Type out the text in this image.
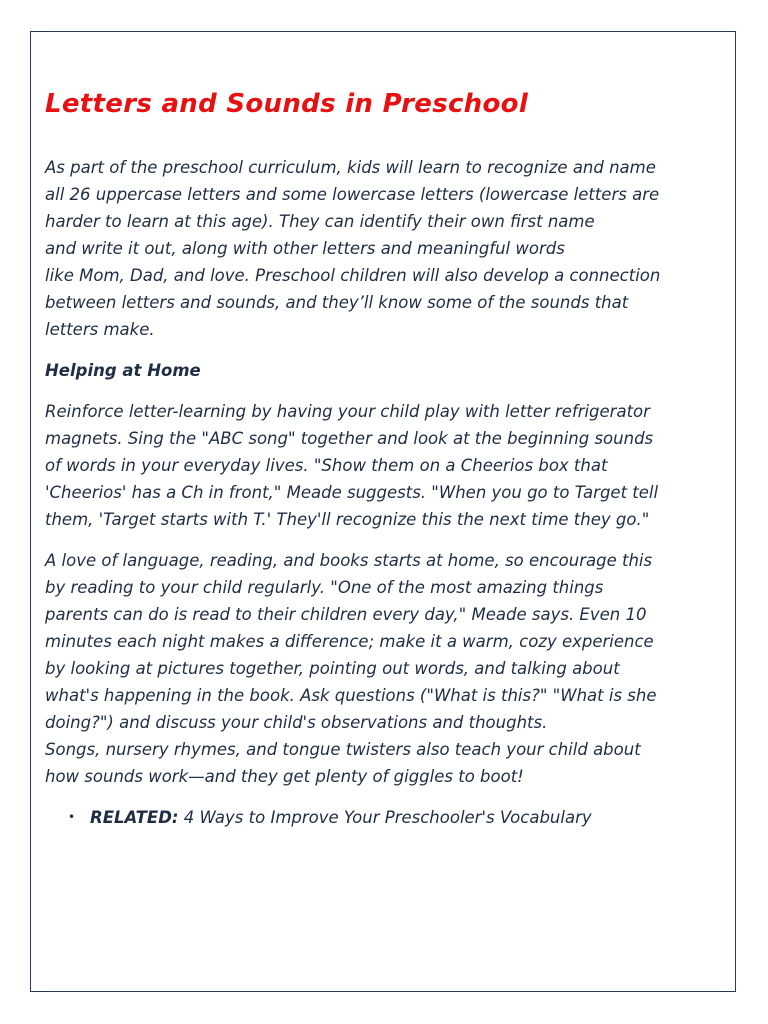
Letters and Sounds in Preschool

As part of the preschool curriculum, kids will learn to recognize and name
all 26 uppercase letters and some lowercase letters (lowercase letters are
harder to learn at this age). They can identify their own first name
and write it out, along with other letters and meaningful words
like Mom, Dad, and love. Preschool children will also develop a connection
between letters and sounds, and they’ll know some of the sounds that
letters make.

Helping at Home

Reinforce letter-learning by having your child play with letter refrigerator
magnets. Sing the "ABC song" together and look at the beginning sounds
of words in your everyday lives. "Show them on a Cheerios box that
'Cheerios' has a Ch in front," Meade suggests. "When you go to Target tell
them, 'Target starts with T.' They'll recognize this the next time they go."

A love of language, reading, and books starts at home, so encourage this
by reading to your child regularly. "One of the most amazing things
parents can do is read to their children every day," Meade says. Even 10
minutes each night makes a difference; make it a warm, cozy experience
by looking at pictures together, pointing out words, and talking about
what's happening in the book. Ask questions ("What is this?" "What is she
doing?") and discuss your child's observations and thoughts.
Songs, nursery rhymes, and tongue twisters also teach your child about
how sounds work—and they get plenty of giggles to boot!

• RELATED: 4 Ways to Improve Your Preschooler's Vocabulary
